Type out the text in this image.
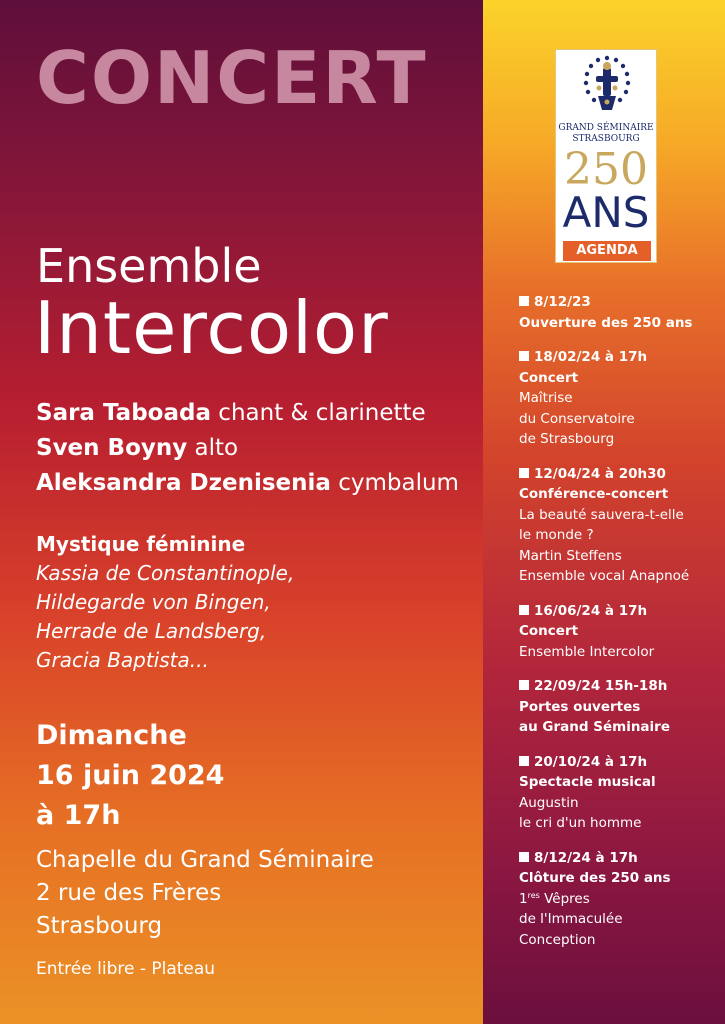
CONCERT
Ensemble
Intercolor
Sara Taboada chant & clarinette
Sven Boyny alto
Aleksandra Dzenisenia cymbalum
Mystique féminine
Kassia de Constantinople,
Hildegarde von Bingen,
Herrade de Landsberg,
Gracia Baptista...
Dimanche
16 juin 2024
à 17h
Chapelle du Grand Séminaire
2 rue des Frères
Strasbourg
Entrée libre - Plateau
GRAND SÉMINAIRE
STRASBOURG
250
ANS
AGENDA
8/12/23
Ouverture des 250 ans
18/02/24 à 17h
Concert
Maîtrise
du Conservatoire
de Strasbourg
12/04/24 à 20h30
Conférence-concert
La beauté sauvera-t-elle
le monde ?
Martin Steffens
Ensemble vocal Anapnoé
16/06/24 à 17h
Concert
Ensemble Intercolor
22/09/24 15h-18h
Portes ouvertes
au Grand Séminaire
20/10/24 à 17h
Spectacle musical
Augustin
le cri d'un homme
8/12/24 à 17h
Clôture des 250 ans
1res Vêpres
de l'Immaculée
Conception
